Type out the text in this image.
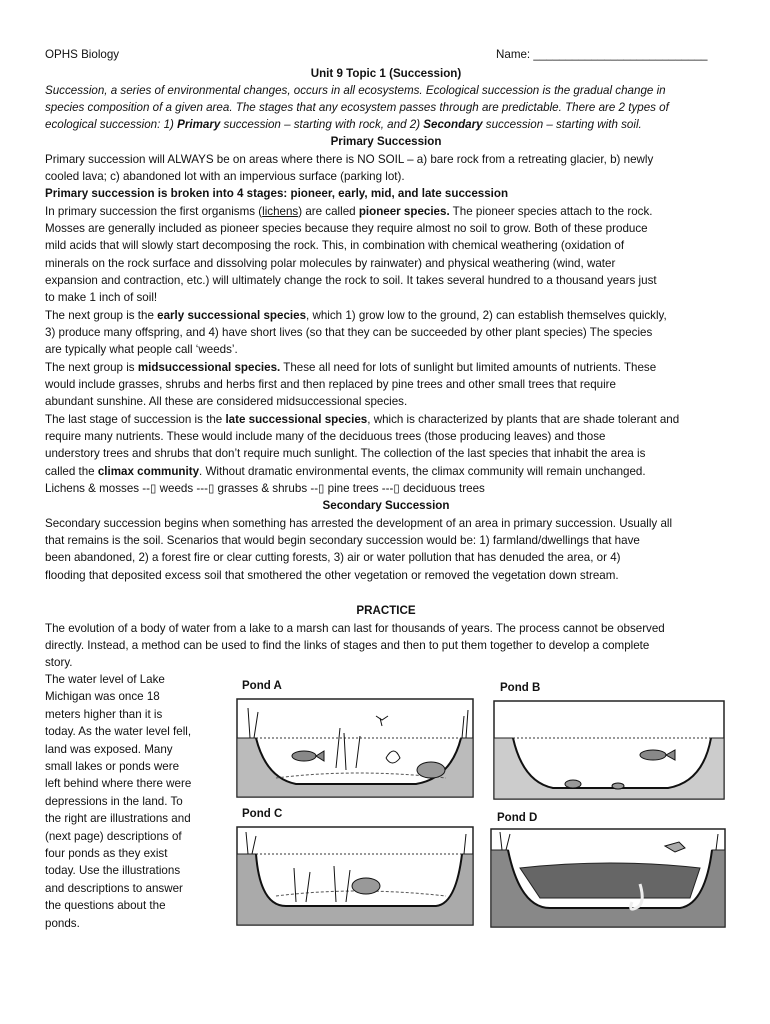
OPHS Biology	Name: ___________________________
Unit 9 Topic 1 (Succession)
Succession, a series of environmental changes, occurs in all ecosystems. Ecological succession is the gradual change in
species composition of a given area. The stages that any ecosystem passes through are predictable. There are 2 types of
ecological succession: 1) Primary succession – starting with rock, and 2) Secondary succession – starting with soil.
Primary Succession
Primary succession will ALWAYS be on areas where there is NO SOIL – a) bare rock from a retreating glacier, b) newly
cooled lava; c) abandoned lot with an impervious surface (parking lot).
Primary succession is broken into 4 stages: pioneer, early, mid, and late succession
In primary succession the first organisms (lichens) are called pioneer species. The pioneer species attach to the rock.
Mosses are generally included as pioneer species because they require almost no soil to grow. Both of these produce
mild acids that will slowly start decomposing the rock. This, in combination with chemical weathering (oxidation of
minerals on the rock surface and dissolving polar molecules by rainwater) and physical weathering (wind, water
expansion and contraction, etc.) will ultimately change the rock to soil. It takes several hundred to a thousand years just
to make 1 inch of soil!
The next group is the early successional species, which 1) grow low to the ground, 2) can establish themselves quickly,
3) produce many offspring, and 4) have short lives (so that they can be succeeded by other plant species) The species
are typically what people call ‘weeds’.
The next group is midsuccessional species. These all need for lots of sunlight but limited amounts of nutrients. These
would include grasses, shrubs and herbs first and then replaced by pine trees and other small trees that require
abundant sunshine. All these are considered midsuccessional species.
The last stage of succession is the late successional species, which is characterized by plants that are shade tolerant and
require many nutrients. These would include many of the deciduous trees (those producing leaves) and those
understory trees and shrubs that don’t require much sunlight. The collection of the last species that inhabit the area is
called the climax community. Without dramatic environmental events, the climax community will remain unchanged.
Lichens & mosses --▯ weeds ---▯ grasses & shrubs --▯ pine trees ---▯ deciduous trees
Secondary Succession
Secondary succession begins when something has arrested the development of an area in primary succession. Usually all
that remains is the soil. Scenarios that would begin secondary succession would be: 1) farmland/dwellings that have
been abandoned, 2) a forest fire or clear cutting forests, 3) air or water pollution that has denuded the area, or 4)
flooding that deposited excess soil that smothered the other vegetation or removed the vegetation down stream.
PRACTICE
The evolution of a body of water from a lake to a marsh can last for thousands of years. The process cannot be observed
directly. Instead, a method can be used to find the links of stages and then to put them together to develop a complete
story.
The water level of Lake
Michigan was once 18
meters higher than it is
today. As the water level fell,
land was exposed. Many
small lakes or ponds were
left behind where there were
depressions in the land. To
the right are illustrations and
(next page) descriptions of
four ponds as they exist
today. Use the illustrations
and descriptions to answer
the questions about the
ponds.
Pond A	Pond B
Pond C	Pond D
